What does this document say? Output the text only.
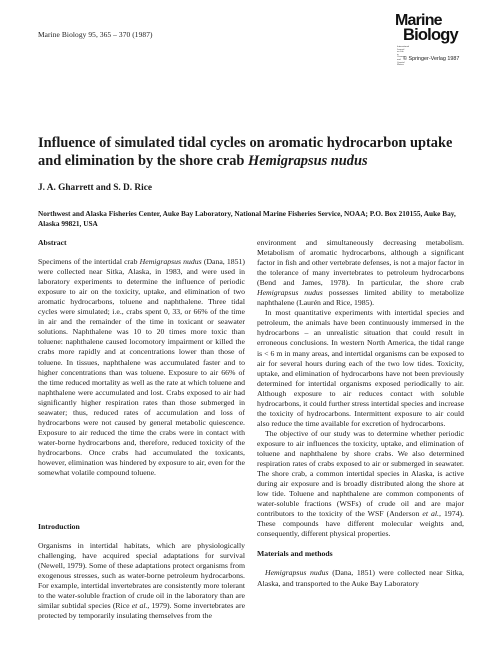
Marine Biology 95, 365 – 370 (1987)
Marine
Biology
International Journal on Life in Oceans and Coastal Waters
© Springer-Verlag 1987
Influence of simulated tidal cycles on aromatic hydrocarbon uptake and elimination by the shore crab Hemigrapsus nudus
J. A. Gharrett and S. D. Rice
Northwest and Alaska Fisheries Center, Auke Bay Laboratory, National Marine Fisheries Service, NOAA; P.O. Box 210155, Auke Bay, Alaska 99821, USA
Abstract

Specimens of the intertidal crab Hemigrapsus nudus (Dana, 1851) were collected near Sitka, Alaska, in 1983, and were used in laboratory experiments to determine the influence of periodic exposure to air on the toxicity, uptake, and elimination of two aromatic hydrocarbons, toluene and naphthalene. Three tidal cycles were simulated; i.e., crabs spent 0, 33, or 66% of the time in air and the remainder of the time in toxicant or seawater solutions. Naphthalene was 10 to 20 times more toxic than toluene: naphthalene caused locomotory impairment or killed the crabs more rapidly and at concentrations lower than those of toluene. In tissues, naphthalene was accumulated faster and to higher concentrations than was toluene. Exposure to air 66% of the time reduced mortality as well as the rate at which toluene and naphthalene were accumulated and lost. Crabs exposed to air had significantly higher respiration rates than those submerged in seawater; thus, reduced rates of accumulation and loss of hydrocarbons were not caused by general metabolic quiescence. Exposure to air reduced the time the crabs were in contact with water-borne hydrocarbons and, therefore, reduced toxicity of the hydrocarbons. Once crabs had accumulated the toxicants, however, elimination was hindered by exposure to air, even for the somewhat volatile compound toluene.

Introduction

Organisms in intertidal habitats, which are physiologically challenging, have acquired special adaptations for survival (Newell, 1979). Some of these adaptations protect organisms from exogenous stresses, such as water-borne petroleum hydrocarbons. For example, intertidal invertebrates are consistently more tolerant to the water-soluble fraction of crude oil in the laboratory than are similar subtidal species (Rice et al., 1979). Some invertebrates are protected by temporarily insulating themselves from the

environment and simultaneously decreasing metabolism. Metabolism of aromatic hydrocarbons, although a significant factor in fish and other vertebrate defenses, is not a major factor in the tolerance of many invertebrates to petroleum hydrocarbons (Bend and James, 1978). In particular, the shore crab Hemigrapsus nudus possesses limited ability to metabolize naphthalene (Laurén and Rice, 1985).

In most quantitative experiments with intertidal species and petroleum, the animals have been continuously immersed in the hydrocarbons – an unrealistic situation that could result in erroneous conclusions. In western North America, the tidal range is < 6 m in many areas, and intertidal organisms can be exposed to air for several hours during each of the two low tides. Toxicity, uptake, and elimination of hydrocarbons have not been previously determined for intertidal organisms exposed periodically to air. Although exposure to air reduces contact with soluble hydrocarbons, it could further stress intertidal species and increase the toxicity of hydrocarbons. Intermittent exposure to air could also reduce the time available for excretion of hydrocarbons.

The objective of our study was to determine whether periodic exposure to air influences the toxicity, uptake, and elimination of toluene and naphthalene by shore crabs. We also determined respiration rates of crabs exposed to air or submerged in seawater. The shore crab, a common intertidal species in Alaska, is active during air exposure and is broadly distributed along the shore at low tide. Toluene and naphthalene are common components of water-soluble fractions (WSFs) of crude oil and are major contributors to the toxicity of the WSF (Anderson et al., 1974). These compounds have different molecular weights and, consequently, different physical properties.

Materials and methods

Hemigrapsus nudus (Dana, 1851) were collected near Sitka, Alaska, and transported to the Auke Bay Laboratory
